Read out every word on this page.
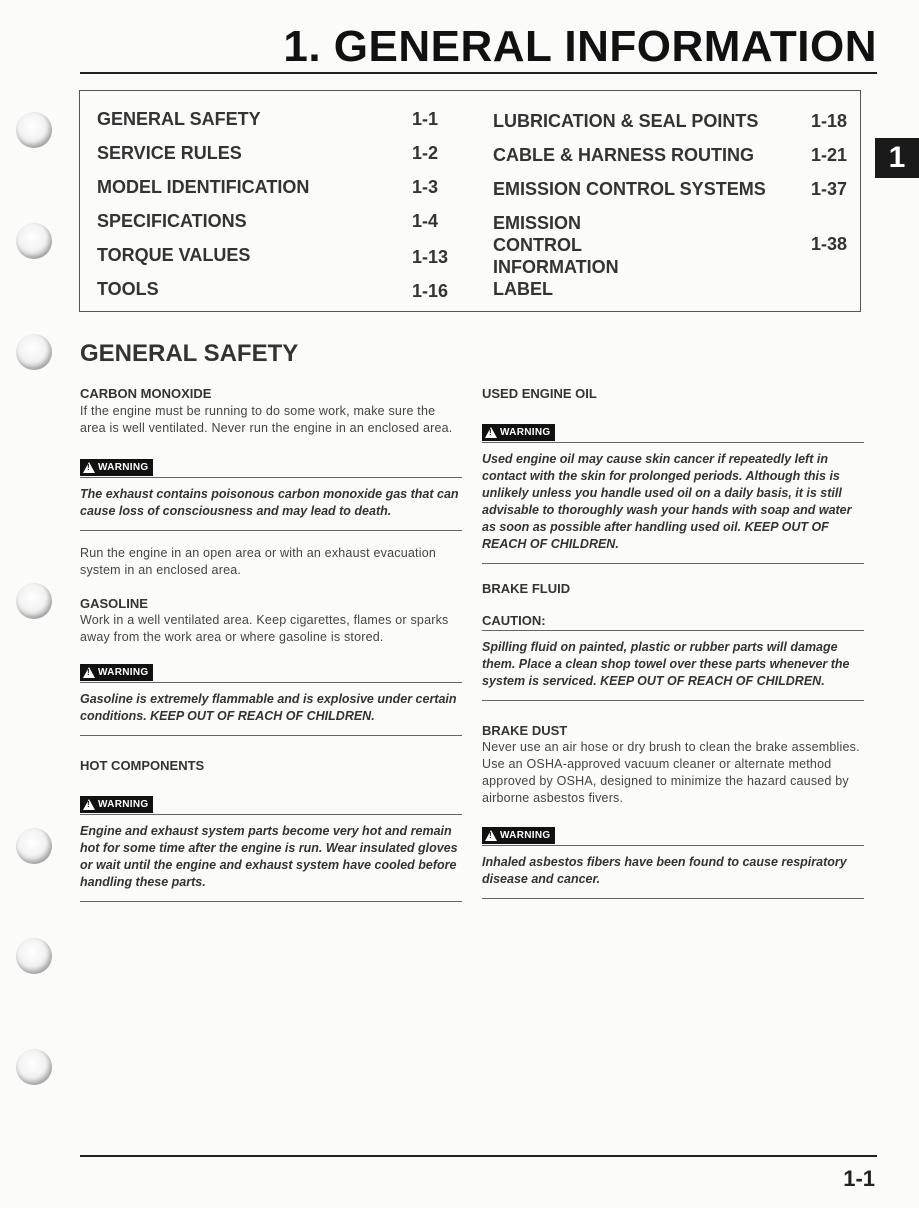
1. GENERAL INFORMATION
1
GENERAL SAFETY	1-1
SERVICE RULES	1-2
MODEL IDENTIFICATION	1-3
SPECIFICATIONS	1-4
TORQUE VALUES	1-13
TOOLS	1-16
LUBRICATION & SEAL POINTS	1-18
CABLE & HARNESS ROUTING	1-21
EMISSION CONTROL SYSTEMS	1-37
EMISSION CONTROL
INFORMATION LABEL
1-38
GENERAL SAFETY

CARBON MONOXIDE

If the engine must be running to do some work, make sure the area is well ventilated. Never run the engine in an enclosed area.

!
WARNING

The exhaust contains poisonous carbon monoxide gas that can cause loss of consciousness and may lead to death.

Run the engine in an open area or with an exhaust evacuation system in an enclosed area.

GASOLINE

Work in a well ventilated area. Keep cigarettes, flames or sparks away from the work area or where gasoline is stored.

!
WARNING

Gasoline is extremely flammable and is explosive under certain conditions. KEEP OUT OF REACH OF CHILDREN.

HOT COMPONENTS

!
WARNING

Engine and exhaust system parts become very hot and remain hot for some time after the engine is run. Wear insulated gloves or wait until the engine and exhaust system have cooled before handling these parts.

USED ENGINE OIL

!
WARNING

Used engine oil may cause skin cancer if repeatedly left in contact with the skin for prolonged periods. Although this is unlikely unless you handle used oil on a daily basis, it is still advisable to thoroughly wash your hands with soap and water as soon as possible after handling used oil. KEEP OUT OF REACH OF CHILDREN.

BRAKE FLUID

CAUTION:

Spilling fluid on painted, plastic or rubber parts will damage them. Place a clean shop towel over these parts whenever the system is serviced. KEEP OUT OF REACH OF CHILDREN.

BRAKE DUST

Never use an air hose or dry brush to clean the brake assemblies. Use an OSHA-approved vacuum cleaner or alternate method approved by OSHA, designed to minimize the hazard caused by airborne asbestos fivers.

!
WARNING

Inhaled asbestos fibers have been found to cause respiratory disease and cancer.

1-1
